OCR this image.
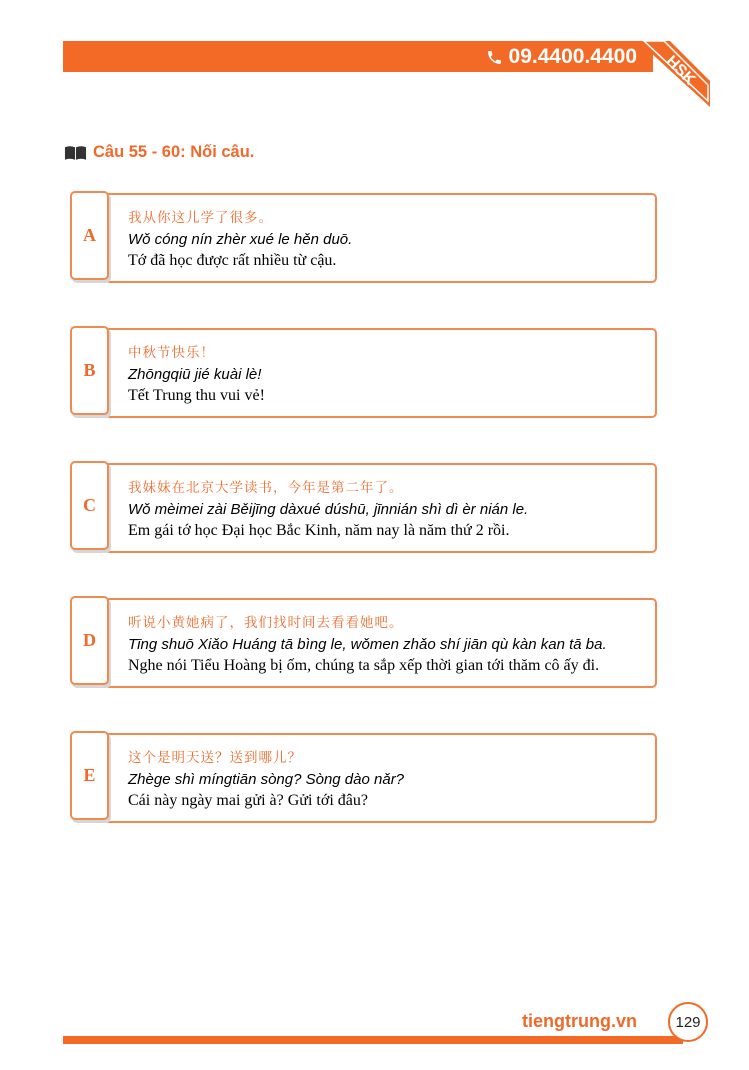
09.4400.4400 HSK
Câu 55 - 60: Nối câu.
我从你这儿学了很多。
Wǒ cóng nín zhèr xué le hěn duō.
Tớ đã học được rất nhiều từ cậu.
A
中秋节快乐！
Zhōngqiū jié kuài lè!
Tết Trung thu vui vẻ!
B
我妹妹在北京大学读书，今年是第二年了。
Wǒ mèimei zài Běijīng dàxué dúshū, jīnnián shì dì èr nián le.
Em gái tớ học Đại học Bắc Kinh, năm nay là năm thứ 2 rồi.
C
听说小黄她病了，我们找时间去看看她吧。
Tīng shuō Xiǎo Huáng tā bìng le, wǒmen zhǎo shí jiān qù kàn kan tā ba.
Nghe nói Tiểu Hoàng bị ốm, chúng ta sắp xếp thời gian tới thăm cô ấy đi.
D
这个是明天送？送到哪儿？
Zhège shì míngtiān sòng? Sòng dào nǎr?
Cái này ngày mai gửi à? Gửi tới đâu?
E
tiengtrung.vn	129
